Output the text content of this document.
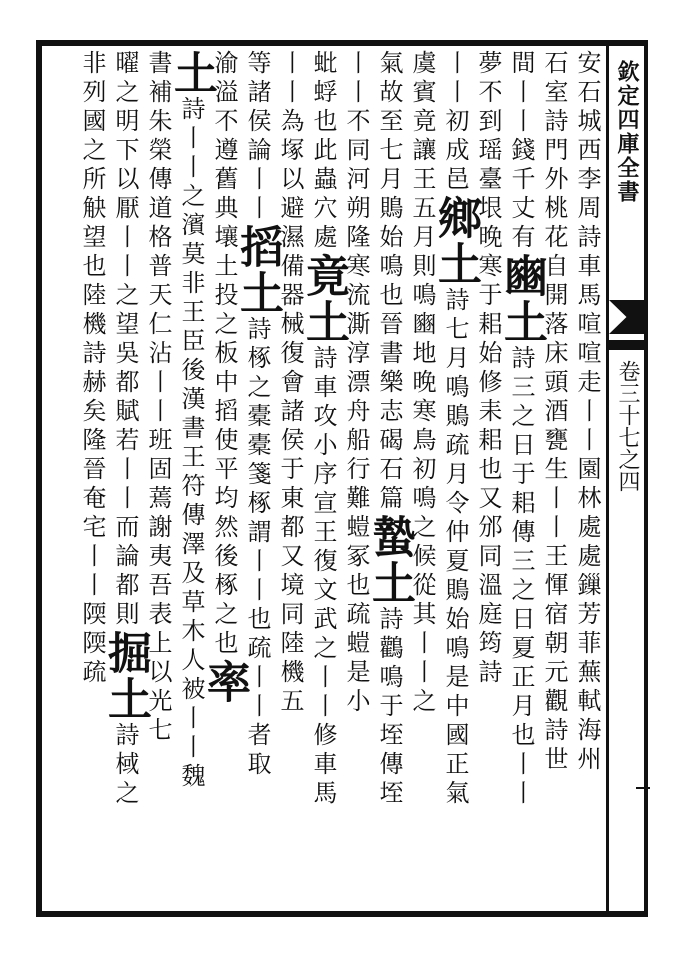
欽定四庫全書
卷三十七之四
安石城西李周詩車馬喧喧走丨丨園林處處鏁芳菲蕪軾海州
石室詩門外桃花自開落床頭酒甕生丨丨王惲宿朝元觀詩世
間丨丨錢千丈有豳土詩三之日于耜傳三之日夏正月也丨丨
夢不到瑶臺垠晚寒于耜始修耒耜也又邠同溫庭筠詩
丨丨初成邑鄉土詩七月鳴鵙疏月令仲夏鵙始鳴是中國正氣
虞賓竟讓王五月則鳴豳地晚寒鳥初鳴之候從其丨丨之
氣故至七月鵙始鳴也晉書樂志碣石篇蟄土詩鸛鳴于垤傳垤
丨丨不同河朔隆寒流澌淳漂舟船行難螘冢也疏螘是小
蚍蜉也此蟲穴處竟土詩車攻小序宣王復文武之丨丨修車馬
丨丨為塚以避濕備器械復會諸侯于東都又境同陸機五
等諸侯論丨丨搯土詩椓之橐橐箋椓謂丨丨也疏丨丨者取
渝溢不遵舊典壤土投之板中搯使平均然後椓之也率
土詩丨丨之濱莫非王臣後漢書王符傳澤及草木人被丨丨魏
書補朱榮傳道格普天仁沾丨丨班固蔫謝夷吾表上以光七
曜之明下以厭丨丨之望吳都賦若丨丨而論都則掘土詩棫之
非列國之所觖望也陸機詩赫矣隆晉奄宅丨丨陾陾疏
